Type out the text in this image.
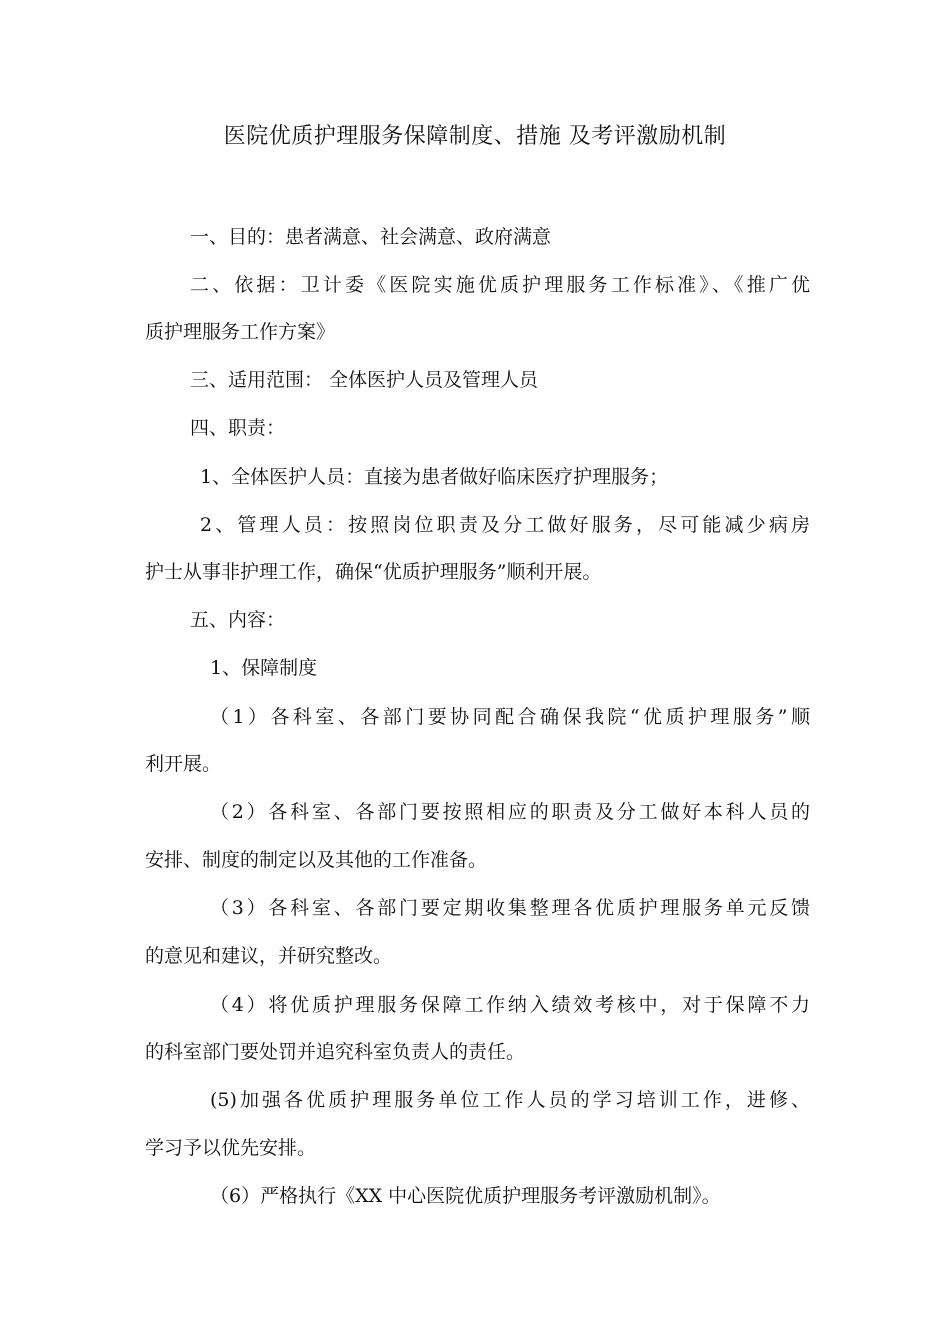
医院优质护理服务保障制度、措施 及考评激励机制
一、目的：患者满意、社会满意、政府满意
二、依据：卫计委《医院实施优质护理服务工作标准》、《推广优
质护理服务工作方案》
三、适用范围： 全体医护人员及管理人员
四、职责：
1、全体医护人员：直接为患者做好临床医疗护理服务；
2、管理人员：按照岗位职责及分工做好服务，尽可能减少病房
护士从事非护理工作，确保“优质护理服务”顺利开展。
五、内容：
1、保障制度
（1）各科室、各部门要协同配合确保我院“优质护理服务”顺
利开展。
（2）各科室、各部门要按照相应的职责及分工做好本科人员的
安排、制度的制定以及其他的工作准备。
（3）各科室、各部门要定期收集整理各优质护理服务单元反馈
的意见和建议，并研究整改。
（4）将优质护理服务保障工作纳入绩效考核中，对于保障不力
的科室部门要处罚并追究科室负责人的责任。
(5)加强各优质护理服务单位工作人员的学习培训工作，进修、
学习予以优先安排。
（6）严格执行《XX 中心医院优质护理服务考评激励机制》。
